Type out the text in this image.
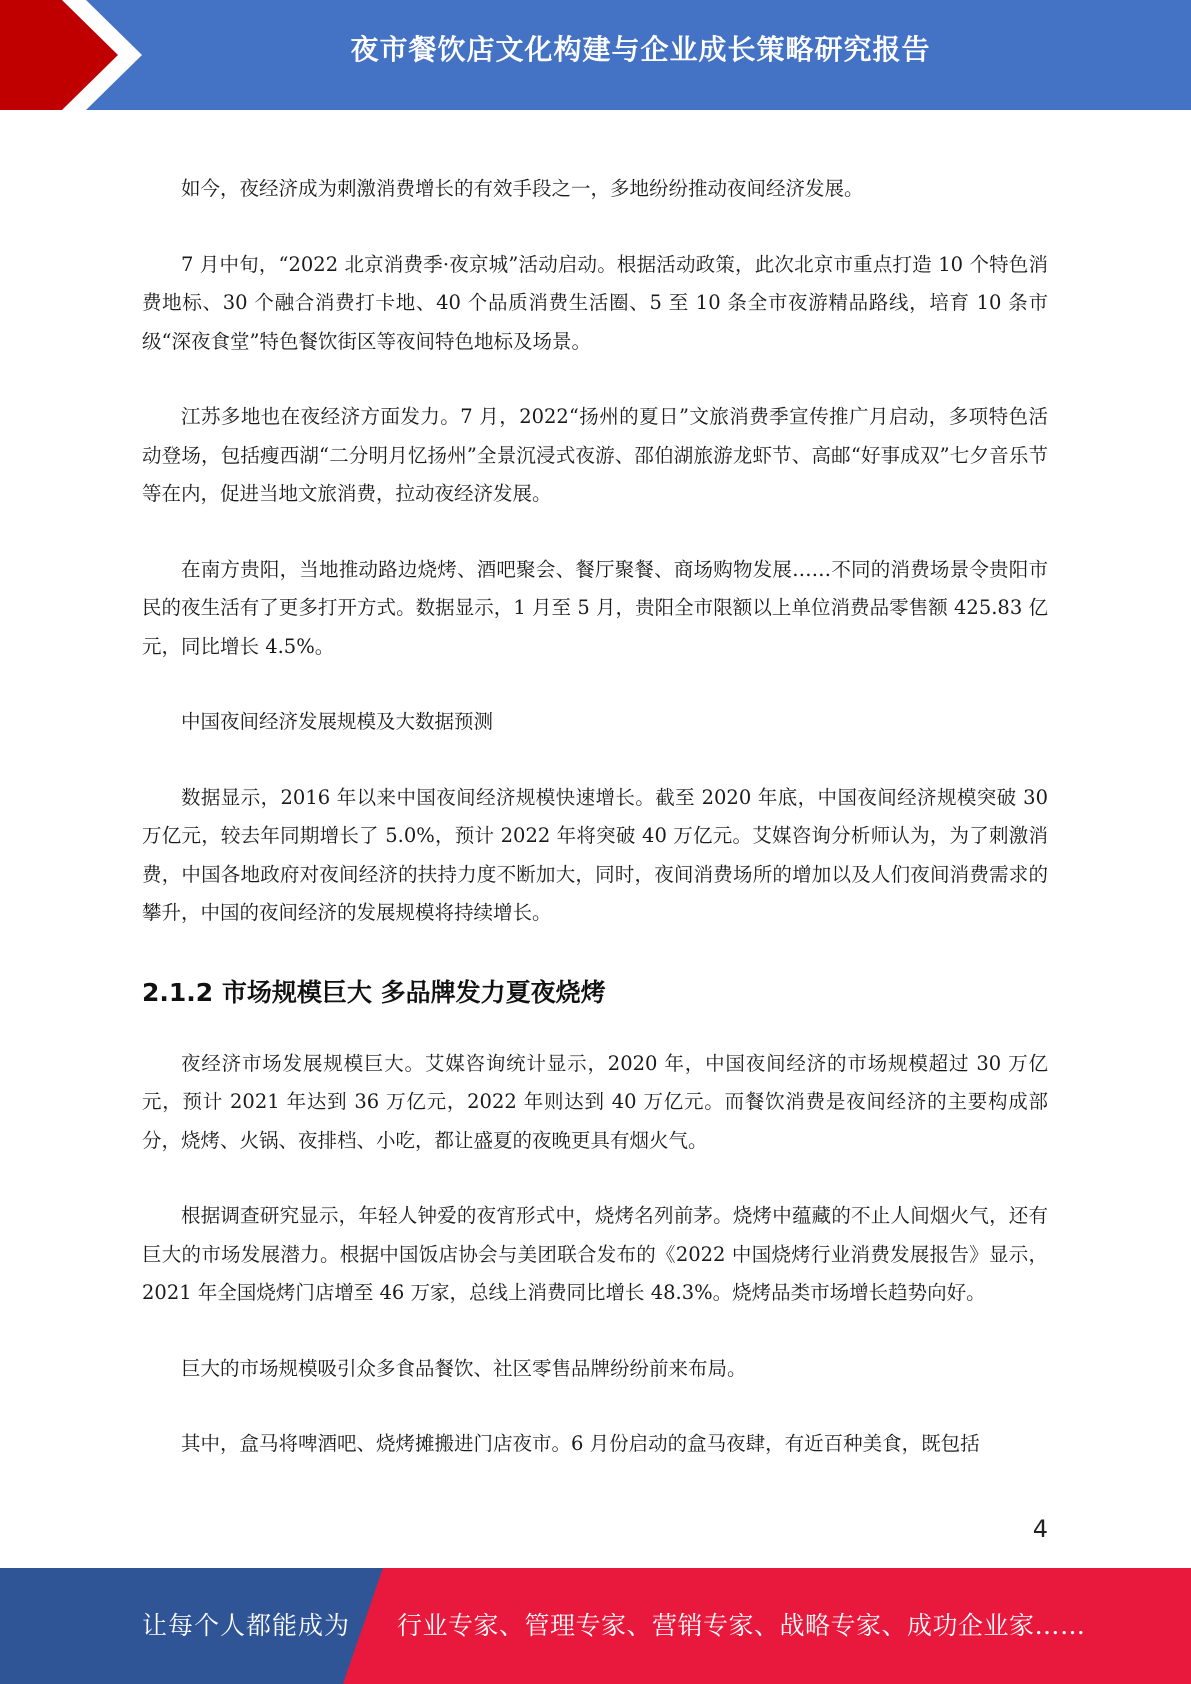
夜市餐饮店文化构建与企业成长策略研究报告

如今，夜经济成为刺激消费增长的有效手段之一，多地纷纷推动夜间经济发展。

7 月中旬，“2022 北京消费季·夜京城”活动启动。根据活动政策，此次北京市重点打造 10 个特色消费地标、30 个融合消费打卡地、40 个品质消费生活圈、5 至 10 条全市夜游精品路线，培育 10 条市级“深夜食堂”特色餐饮街区等夜间特色地标及场景。

江苏多地也在夜经济方面发力。7 月，2022“扬州的夏日”文旅消费季宣传推广月启动，多项特色活动登场，包括瘦西湖“二分明月忆扬州”全景沉浸式夜游、邵伯湖旅游龙虾节、高邮“好事成双”七夕音乐节等在内，促进当地文旅消费，拉动夜经济发展。

在南方贵阳，当地推动路边烧烤、酒吧聚会、餐厅聚餐、商场购物发展……不同的消费场景令贵阳市民的夜生活有了更多打开方式。数据显示，1 月至 5 月，贵阳全市限额以上单位消费品零售额 425.83 亿元，同比增长 4.5%。

中国夜间经济发展规模及大数据预测

数据显示，2016 年以来中国夜间经济规模快速增长。截至 2020 年底，中国夜间经济规模突破 30 万亿元，较去年同期增长了 5.0%，预计 2022 年将突破 40 万亿元。艾媒咨询分析师认为，为了刺激消费，中国各地政府对夜间经济的扶持力度不断加大，同时，夜间消费场所的增加以及人们夜间消费需求的攀升，中国的夜间经济的发展规模将持续增长。

2.1.2 市场规模巨大 多品牌发力夏夜烧烤

夜经济市场发展规模巨大。艾媒咨询统计显示，2020 年，中国夜间经济的市场规模超过 30 万亿元，预计 2021 年达到 36 万亿元，2022 年则达到 40 万亿元。而餐饮消费是夜间经济的主要构成部分，烧烤、火锅、夜排档、小吃，都让盛夏的夜晚更具有烟火气。

根据调查研究显示，年轻人钟爱的夜宵形式中，烧烤名列前茅。烧烤中蕴藏的不止人间烟火气，还有巨大的市场发展潜力。根据中国饭店协会与美团联合发布的《2022 中国烧烤行业消费发展报告》显示，2021 年全国烧烤门店增至 46 万家，总线上消费同比增长 48.3%。烧烤品类市场增长趋势向好。

巨大的市场规模吸引众多食品餐饮、社区零售品牌纷纷前来布局。

其中，盒马将啤酒吧、烧烤摊搬进门店夜市。6 月份启动的盒马夜肆，有近百种美食，既包括

4
让每个人都能成为 行业专家、管理专家、营销专家、战略专家、成功企业家……
